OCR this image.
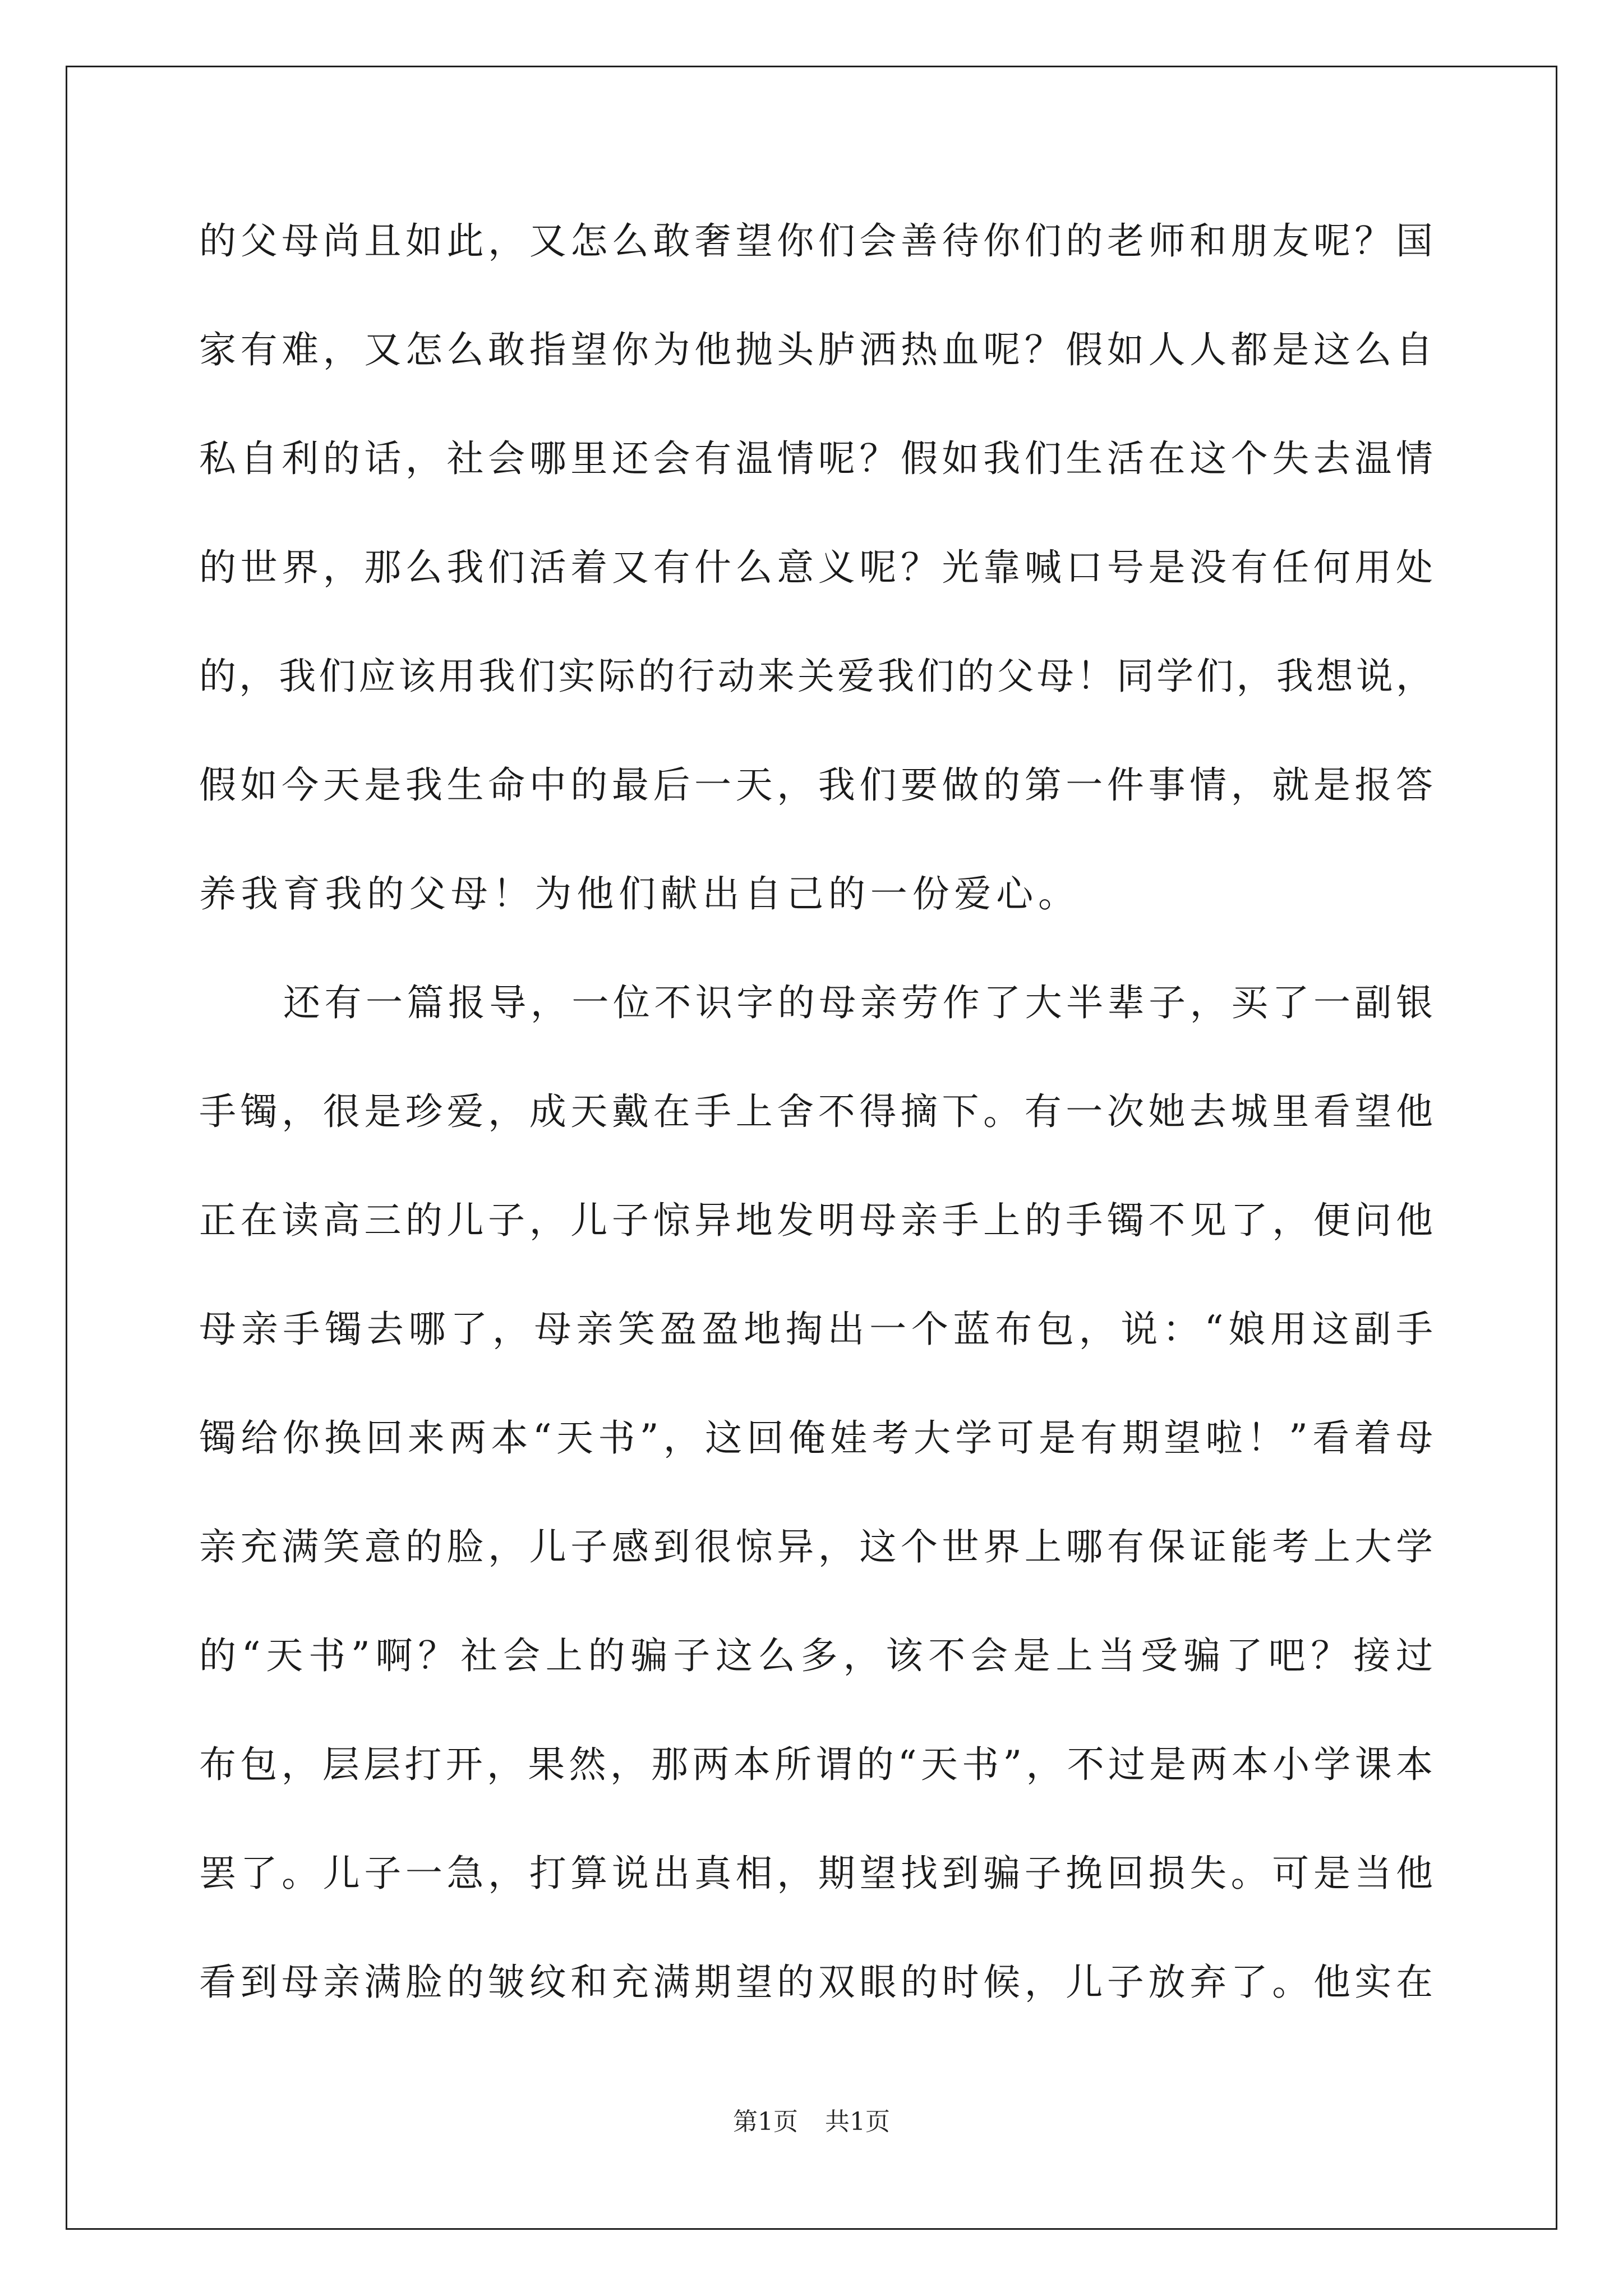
的父母尚且如此，又怎么敢奢望你们会善待你们的老师和朋友呢？国
家有难，又怎么敢指望你为他抛头胪洒热血呢？假如人人都是这么自
私自利的话，社会哪里还会有温情呢？假如我们生活在这个失去温情
的世界，那么我们活着又有什么意义呢？光靠喊口号是没有任何用处
的，我们应该用我们实际的行动来关爱我们的父母！同学们，我想说，
假如今天是我生命中的最后一天，我们要做的第一件事情，就是报答
养我育我的父母！为他们献出自己的一份爱心。
还有一篇报导，一位不识字的母亲劳作了大半辈子，买了一副银
手镯，很是珍爱，成天戴在手上舍不得摘下。有一次她去城里看望他
正在读高三的儿子，儿子惊异地发明母亲手上的手镯不见了，便问他
母亲手镯去哪了，母亲笑盈盈地掏出一个蓝布包，说：“娘用这副手
镯给你换回来两本“天书”，这回俺娃考大学可是有期望啦！”看着母
亲充满笑意的脸，儿子感到很惊异，这个世界上哪有保证能考上大学
的“天书”啊？社会上的骗子这么多，该不会是上当受骗了吧？接过
布包，层层打开，果然，那两本所谓的“天书”，不过是两本小学课本
罢了。儿子一急，打算说出真相，期望找到骗子挽回损失。可是当他
看到母亲满脸的皱纹和充满期望的双眼的时候，儿子放弃了。他实在
第1页 共1页
